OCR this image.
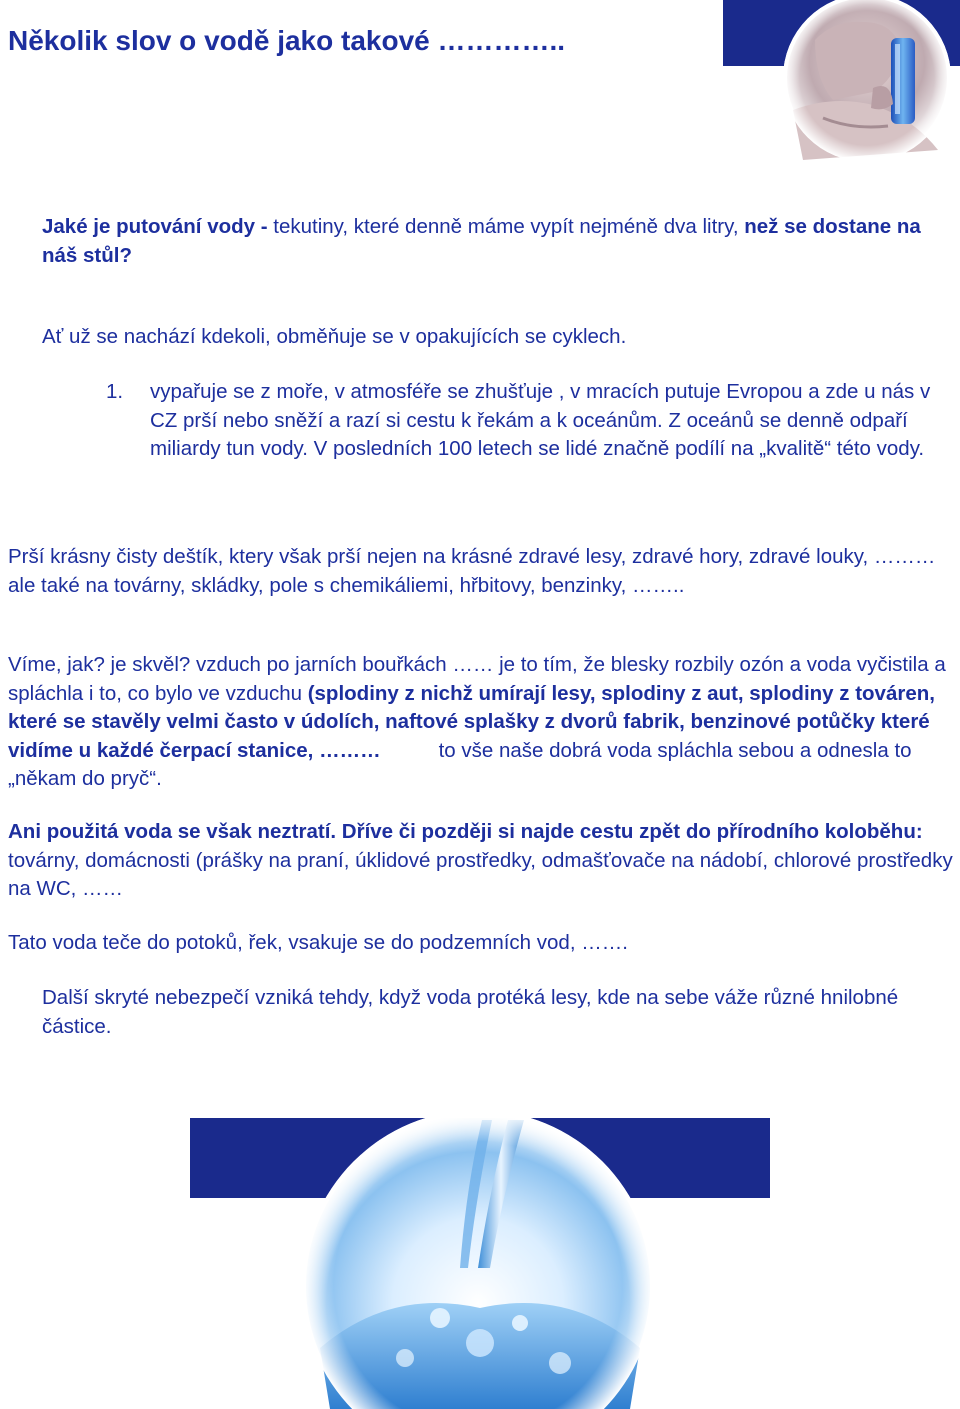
Několik slov o vodě jako takové …………..

Jaké je putování vody - tekutiny, které denně máme vypít nejméně dva litry, než se dostane na náš stůl?

Ať už se nachází kdekoli, obměňuje se v opakujících se cyklech.

1. vypařuje se z moře, v atmosféře se zhušťuje , v mracích putuje Evropou a zde u nás v CZ prší nebo sněží a razí si cestu k řekám a k oceánům. Z oceánů se denně odpaří miliardy tun vody. V posledních 100 letech se lidé značně podílí na „kvalitě“ této vody.

Prší krásny čisty deštík, ktery však prší nejen na krásné zdravé lesy, zdravé hory, zdravé louky, ……… ale také na továrny, skládky, pole s chemikáliemi, hřbitovy, benzinky, ……..

Víme, jak? je skvěl? vzduch po jarních bouřkách …… je to tím, že blesky rozbily ozón a voda vyčistila a spláchla i to, co bylo ve vzduchu (splodiny z nichž umírají lesy, splodiny z aut, splodiny z továren, které se stavěly velmi často v údolích, naftové splašky z dvorů fabrik, benzinové potůčky které vidíme u každé čerpací stanice, ………	to vše naše dobrá voda spláchla sebou a odnesla to „někam do pryč“.

Ani použitá voda se však neztratí. Dříve či později si najde cestu zpět do přírodního koloběhu: továrny, domácnosti (prášky na praní, úklidové prostředky, odmašťovače na nádobí, chlorové prostředky na WC, ……

Tato voda teče do potoků, řek, vsakuje se do podzemních vod, …….

Další skryté nebezpečí vzniká tehdy, když voda protéká lesy, kde na sebe váže různé hnilobné částice.
